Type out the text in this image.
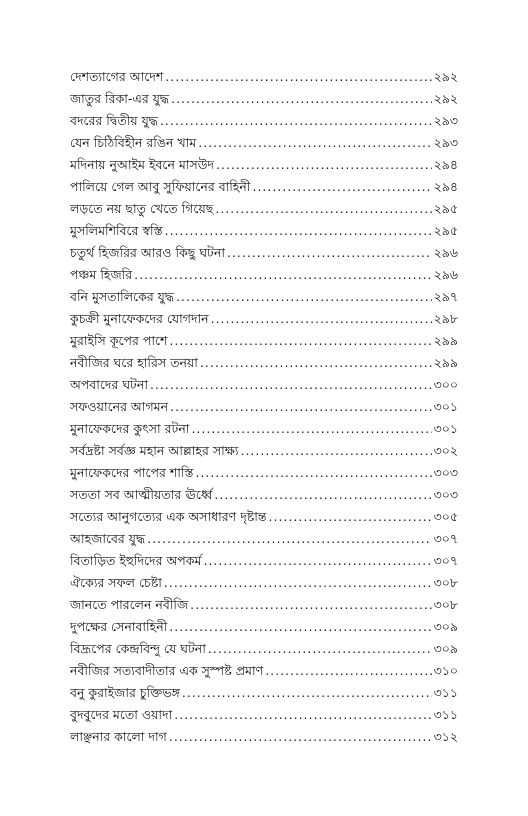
দেশত্যাগের আদেশ .....	২৯২
জাতুর রিকা-এর যুদ্ধ .....	২৯২
বদরের দ্বিতীয় যুদ্ধ .....	২৯৩
যেন চিঠিবিহীন রঙিন খাম .....	২৯৩
মদিনায় নুআইম ইবনে মাসউদ .....	২৯৪
পালিয়ে গেল আবু সুফিয়ানের বাহিনী .....	২৯৪
লড়তে নয় ছাতু খেতে গিয়েছ .....	২৯৫
মুসলিমশিবিরে স্বস্তি .....	২৯৫
চতুর্থ হিজরির আরও কিছু ঘটনা .....	২৯৬
পঞ্চম হিজরি .....	২৯৬
বনি মুসতালিকের যুদ্ধ .....	২৯৭
কুচক্রী মুনাফেকদের যোগদান .....	২৯৮
মুরাইসি কূপের পাশে .....	২৯৯
নবীজির ঘরে হারিস তনয়া .....	২৯৯
অপবাদের ঘটনা .....	৩০০
সফওয়ানের আগমন .....	৩০১
মুনাফেকদের কুৎসা রটনা .....	৩০১
সর্বদ্রষ্টা সর্বজ্ঞ মহান আল্লাহর সাক্ষ্য .....	৩০২
মুনাফেকদের পাপের শাস্তি .....	৩০৩
সততা সব আত্মীয়তার ঊর্ধ্বে .....	৩০৩
সত্যের আনুগত্যের এক অসাধারণ দৃষ্টান্ত .....	৩০৫
আহজাবের যুদ্ধ .....	৩০৭
বিতাড়িত ইহুদিদের অপকর্ম .....	৩০৭
ঐক্যের সফল চেষ্টা .....	৩০৮
জানতে পারলেন নবীজি .....	৩০৮
দুপক্ষের সেনাবাহিনী .....	৩০৯
বিদ্রূপের কেন্দ্রবিন্দু যে ঘটনা .....	৩০৯
নবীজির সত্যবাদীতার এক সুস্পষ্ট প্রমাণ .....	৩১০
বনু কুরাইজার চুক্তিভঙ্গ .....	৩১১
বুদবুদের মতো ওয়াদা .....	৩১১
লাঞ্ছনার কালো দাগ .....	৩১২
